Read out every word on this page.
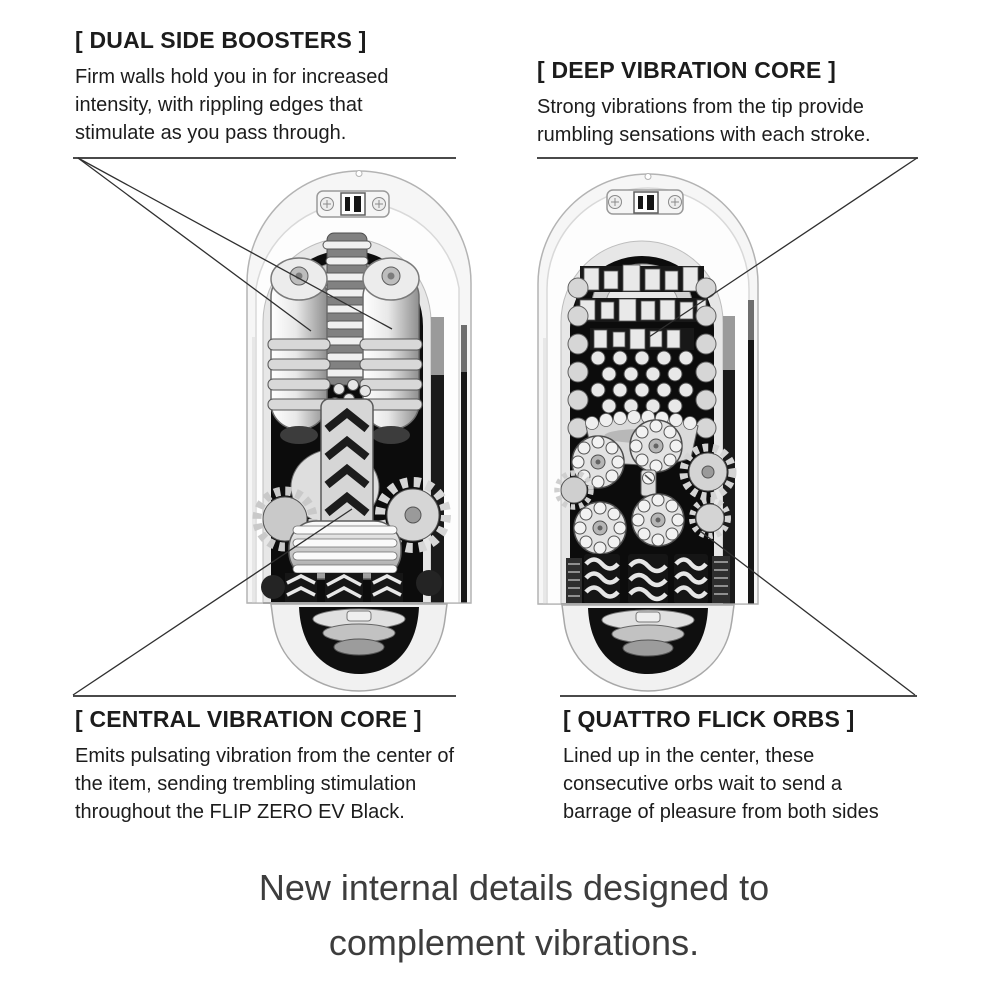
[ DUAL SIDE BOOSTERS ]

Firm walls hold you in for increased

intensity, with rippling edges that

stimulate as you pass through.

[ DEEP VIBRATION CORE ]

Strong vibrations from the tip provide

rumbling sensations with each stroke.

[ CENTRAL VIBRATION CORE ]

Emits pulsating vibration from the center of

the item, sending trembling stimulation

throughout the FLIP ZERO EV Black.

[ QUATTRO FLICK ORBS ]

Lined up in the center, these

consecutive orbs wait to send a

barrage of pleasure from both sides

New internal details designed to
complement vibrations.
